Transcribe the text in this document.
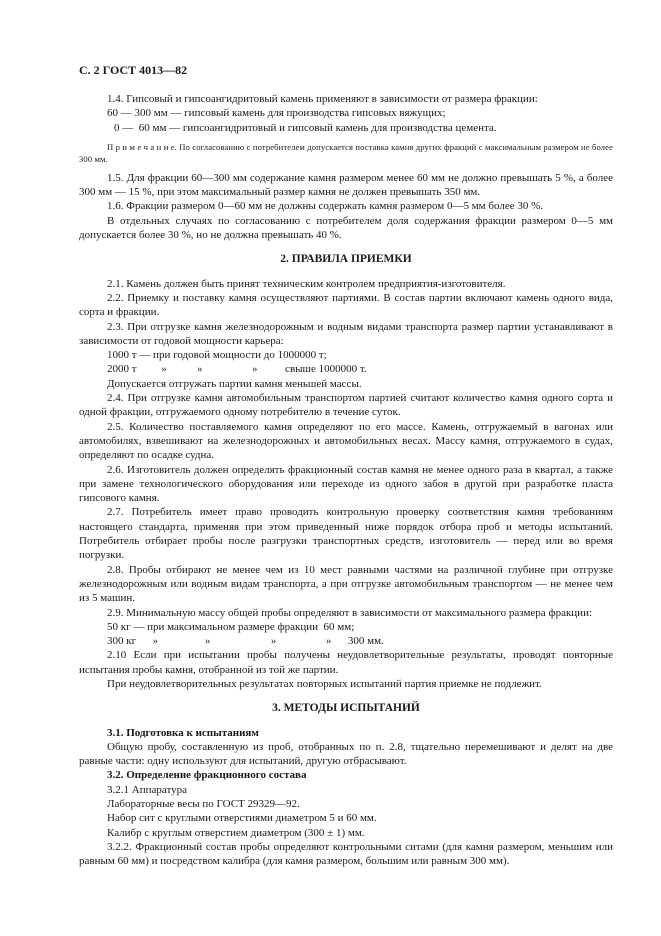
С. 2 ГОСТ 4013—82
1.4. Гипсовый и гипсоангидритовый камень применяют в зависимости от размера фракции:
60 — 300 мм — гипсовый камень для производства гипсовых вяжущих;
0 —  60 мм — гипсоангидритовый и гипсовый камень для производства цемента.
П р и м е ч а н и е. По согласованию с потребителем допускается поставка камня других фракций с максимальным размером не более 300 мм.
1.5. Для фракции 60—300 мм содержание камня размером менее 60 мм не должно превышать 5 %, а более 300 мм — 15 %, при этом максимальный размер камня не должен превышать 350 мм.
1.6. Фракции размером 0—60 мм не должны содержать камня размером 0—5 мм более 30 %.
В отдельных случаях по согласованию с потребителем доля содержания фракции размером 0—5 мм допускается более 30 %, но не должна превышать 40 %.
2. ПРАВИЛА ПРИЕМКИ
2.1. Камень должен быть принят техническим контролем предприятия-изготовителя.
2.2. Приемку и поставку камня осуществляют партиями. В состав партии включают камень одного вида, сорта и фракции.
2.3. При отгрузке камня железнодорожным и водным видами транспорта размер партии устанавливают в зависимости от годовой мощности карьера:
1000 т — при годовой мощности до 1000000 т;
2000 т         »           »                  »          свыше 1000000 т.
Допускается отгружать партии камня меньшей массы.
2.4. При отгрузке камня автомобильным транспортом партией считают количество камня одного сорта и одной фракции, отгружаемого одному потребителю в течение суток.
2.5. Количество поставляемого камня определяют по его массе. Камень, отгружаемый в вагонах или автомобилях, взвешивают на железнодорожных и автомобильных весах. Массу камня, отгружаемого в судах, определяют по осадке судна.
2.6. Изготовитель должен определять фракционный состав камня не менее одного раза в квартал, а также при замене технологического оборудования или переходе из одного забоя в другой при разработке пласта гипсового камня.
2.7. Потребитель имеет право проводить контрольную проверку соответствия камня требованиям настоящего стандарта, применяя при этом приведенный ниже порядок отбора проб и методы испытаний. Потребитель отбирает пробы после разгрузки транспортных средств, изготовитель — перед или во время погрузки.
2.8. Пробы отбирают не менее чем из 10 мест равными частями на различной глубине при отгрузке железнодорожным или водным видам транспорта, а при отгрузке автомобильным транспортом — не менее чем из 5 машин.
2.9. Минимальную массу общей пробы определяют в зависимости от максимального размера фракции:
50 кг — при максимальном размере фракции  60 мм;
300 кг      »                 »                      »                  »      300 мм.
2.10 Если при испытании пробы получены неудовлетворительные результаты, проводят повторные испытания пробы камня, отобранной из той же партии.
При неудовлетворительных результатах повторных испытаний партия приемке не подлежит.
3. МЕТОДЫ ИСПЫТАНИЙ
3.1. Подготовка к испытаниям
Общую пробу, составленную из проб, отобранных по п. 2.8, тщательно перемешивают и делят на две равные части: одну используют для испытаний, другую отбрасывают.
3.2. Определение фракционного состава
3.2.1 Аппаратура
Лабораторные весы по ГОСТ 29329—92.
Набор сит с круглыми отверстиями диаметром 5 и 60 мм.
Калибр с круглым отверстием диаметром (300 ± 1) мм.
3.2.2. Фракционный состав пробы определяют контрольными ситами (для камня размером, меньшим или равным 60 мм) и посредством калибра (для камня размером, большим или равным 300 мм).
